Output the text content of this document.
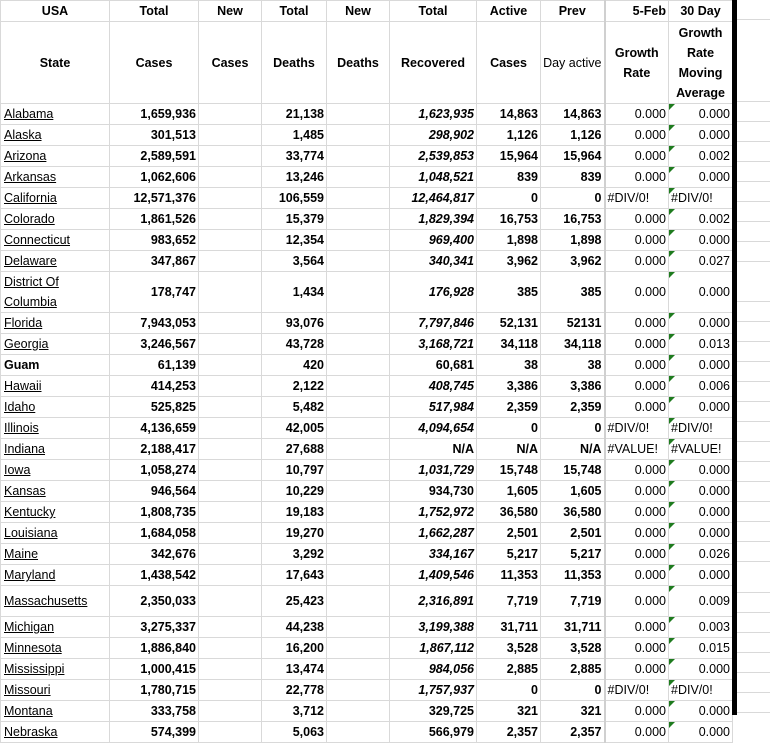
USA	Total	New	Total	New	Total	Active	Prev	5-Feb	30 Day
State	Cases	Cases	Deaths	Deaths	Recovered	Cases	Day active	Growth Rate	Growth Rate Moving Average
Alabama	1,659,936		21,138		1,623,935	14,863	14,863	0.000	0.000
Alaska	301,513		1,485		298,902	1,126	1,126	0.000	0.000
Arizona	2,589,591		33,774		2,539,853	15,964	15,964	0.000	0.002
Arkansas	1,062,606		13,246		1,048,521	839	839	0.000	0.000
California	12,571,376		106,559		12,464,817	0	0	#DIV/0!	#DIV/0!
Colorado	1,861,526		15,379		1,829,394	16,753	16,753	0.000	0.002
Connecticut	983,652		12,354		969,400	1,898	1,898	0.000	0.000
Delaware	347,867		3,564		340,341	3,962	3,962	0.000	0.027
District Of Columbia	178,747		1,434		176,928	385	385	0.000	0.000
Florida	7,943,053		93,076		7,797,846	52,131	52131	0.000	0.000
Georgia	3,246,567		43,728		3,168,721	34,118	34,118	0.000	0.013
Guam	61,139		420		60,681	38	38	0.000	0.000
Hawaii	414,253		2,122		408,745	3,386	3,386	0.000	0.006
Idaho	525,825		5,482		517,984	2,359	2,359	0.000	0.000
Illinois	4,136,659		42,005		4,094,654	0	0	#DIV/0!	#DIV/0!
Indiana	2,188,417		27,688		N/A	N/A	N/A	#VALUE!	#VALUE!
Iowa	1,058,274		10,797		1,031,729	15,748	15,748	0.000	0.000
Kansas	946,564		10,229		934,730	1,605	1,605	0.000	0.000
Kentucky	1,808,735		19,183		1,752,972	36,580	36,580	0.000	0.000
Louisiana	1,684,058		19,270		1,662,287	2,501	2,501	0.000	0.000
Maine	342,676		3,292		334,167	5,217	5,217	0.000	0.026
Maryland	1,438,542		17,643		1,409,546	11,353	11,353	0.000	0.000
Massachusetts	2,350,033		25,423		2,316,891	7,719	7,719	0.000	0.009
Michigan	3,275,337		44,238		3,199,388	31,711	31,711	0.000	0.003
Minnesota	1,886,840		16,200		1,867,112	3,528	3,528	0.000	0.015
Mississippi	1,000,415		13,474		984,056	2,885	2,885	0.000	0.000
Missouri	1,780,715		22,778		1,757,937	0	0	#DIV/0!	#DIV/0!
Montana	333,758		3,712		329,725	321	321	0.000	0.000
Nebraska	574,399		5,063		566,979	2,357	2,357	0.000	0.000
